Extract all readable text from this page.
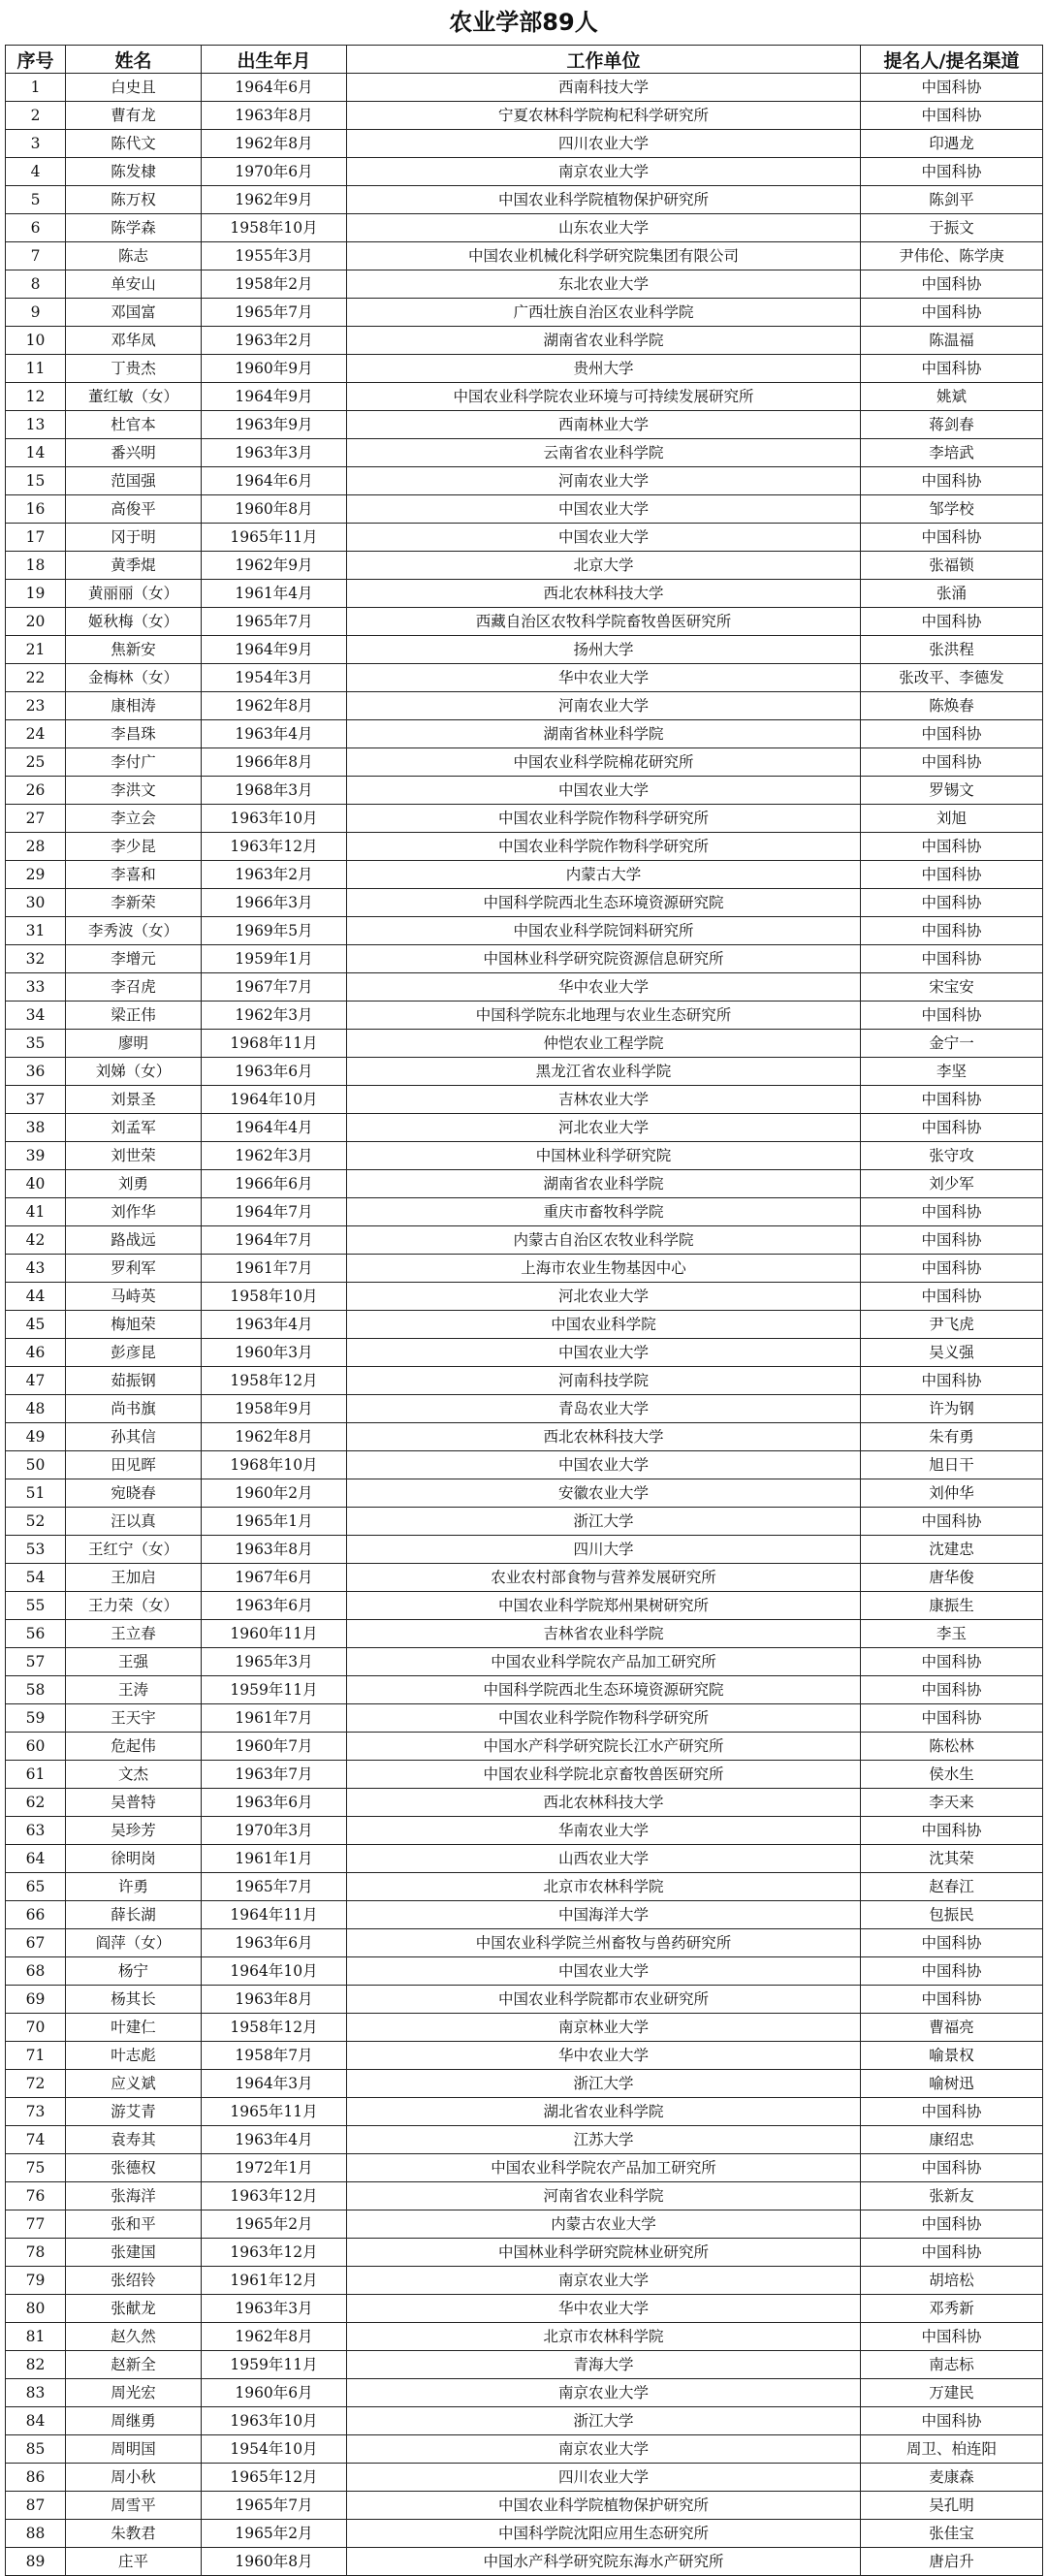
农业学部89人
序号	姓名	出生年月	工作单位	提名人/提名渠道
1	白史且	1964年6月	西南科技大学	中国科协
2	曹有龙	1963年8月	宁夏农林科学院枸杞科学研究所	中国科协
3	陈代文	1962年8月	四川农业大学	印遇龙
4	陈发棣	1970年6月	南京农业大学	中国科协
5	陈万权	1962年9月	中国农业科学院植物保护研究所	陈剑平
6	陈学森	1958年10月	山东农业大学	于振文
7	陈志	1955年3月	中国农业机械化科学研究院集团有限公司	尹伟伦、陈学庚
8	单安山	1958年2月	东北农业大学	中国科协
9	邓国富	1965年7月	广西壮族自治区农业科学院	中国科协
10	邓华凤	1963年2月	湖南省农业科学院	陈温福
11	丁贵杰	1960年9月	贵州大学	中国科协
12	董红敏（女）	1964年9月	中国农业科学院农业环境与可持续发展研究所	姚斌
13	杜官本	1963年9月	西南林业大学	蒋剑春
14	番兴明	1963年3月	云南省农业科学院	李培武
15	范国强	1964年6月	河南农业大学	中国科协
16	高俊平	1960年8月	中国农业大学	邹学校
17	冈于明	1965年11月	中国农业大学	中国科协
18	黄季焜	1962年9月	北京大学	张福锁
19	黄丽丽（女）	1961年4月	西北农林科技大学	张涌
20	姬秋梅（女）	1965年7月	西藏自治区农牧科学院畜牧兽医研究所	中国科协
21	焦新安	1964年9月	扬州大学	张洪程
22	金梅林（女）	1954年3月	华中农业大学	张改平、李德发
23	康相涛	1962年8月	河南农业大学	陈焕春
24	李昌珠	1963年4月	湖南省林业科学院	中国科协
25	李付广	1966年8月	中国农业科学院棉花研究所	中国科协
26	李洪文	1968年3月	中国农业大学	罗锡文
27	李立会	1963年10月	中国农业科学院作物科学研究所	刘旭
28	李少昆	1963年12月	中国农业科学院作物科学研究所	中国科协
29	李喜和	1963年2月	内蒙古大学	中国科协
30	李新荣	1966年3月	中国科学院西北生态环境资源研究院	中国科协
31	李秀波（女）	1969年5月	中国农业科学院饲料研究所	中国科协
32	李增元	1959年1月	中国林业科学研究院资源信息研究所	中国科协
33	李召虎	1967年7月	华中农业大学	宋宝安
34	梁正伟	1962年3月	中国科学院东北地理与农业生态研究所	中国科协
35	廖明	1968年11月	仲恺农业工程学院	金宁一
36	刘娣（女）	1963年6月	黑龙江省农业科学院	李坚
37	刘景圣	1964年10月	吉林农业大学	中国科协
38	刘孟军	1964年4月	河北农业大学	中国科协
39	刘世荣	1962年3月	中国林业科学研究院	张守攻
40	刘勇	1966年6月	湖南省农业科学院	刘少军
41	刘作华	1964年7月	重庆市畜牧科学院	中国科协
42	路战远	1964年7月	内蒙古自治区农牧业科学院	中国科协
43	罗利军	1961年7月	上海市农业生物基因中心	中国科协
44	马峙英	1958年10月	河北农业大学	中国科协
45	梅旭荣	1963年4月	中国农业科学院	尹飞虎
46	彭彦昆	1960年3月	中国农业大学	吴义强
47	茹振钢	1958年12月	河南科技学院	中国科协
48	尚书旗	1958年9月	青岛农业大学	许为钢
49	孙其信	1962年8月	西北农林科技大学	朱有勇
50	田见晖	1968年10月	中国农业大学	旭日干
51	宛晓春	1960年2月	安徽农业大学	刘仲华
52	汪以真	1965年1月	浙江大学	中国科协
53	王红宁（女）	1963年8月	四川大学	沈建忠
54	王加启	1967年6月	农业农村部食物与营养发展研究所	唐华俊
55	王力荣（女）	1963年6月	中国农业科学院郑州果树研究所	康振生
56	王立春	1960年11月	吉林省农业科学院	李玉
57	王强	1965年3月	中国农业科学院农产品加工研究所	中国科协
58	王涛	1959年11月	中国科学院西北生态环境资源研究院	中国科协
59	王天宇	1961年7月	中国农业科学院作物科学研究所	中国科协
60	危起伟	1960年7月	中国水产科学研究院长江水产研究所	陈松林
61	文杰	1963年7月	中国农业科学院北京畜牧兽医研究所	侯水生
62	吴普特	1963年6月	西北农林科技大学	李天来
63	吴珍芳	1970年3月	华南农业大学	中国科协
64	徐明岗	1961年1月	山西农业大学	沈其荣
65	许勇	1965年7月	北京市农林科学院	赵春江
66	薛长湖	1964年11月	中国海洋大学	包振民
67	阎萍（女）	1963年6月	中国农业科学院兰州畜牧与兽药研究所	中国科协
68	杨宁	1964年10月	中国农业大学	中国科协
69	杨其长	1963年8月	中国农业科学院都市农业研究所	中国科协
70	叶建仁	1958年12月	南京林业大学	曹福亮
71	叶志彪	1958年7月	华中农业大学	喻景权
72	应义斌	1964年3月	浙江大学	喻树迅
73	游艾青	1965年11月	湖北省农业科学院	中国科协
74	袁寿其	1963年4月	江苏大学	康绍忠
75	张德权	1972年1月	中国农业科学院农产品加工研究所	中国科协
76	张海洋	1963年12月	河南省农业科学院	张新友
77	张和平	1965年2月	内蒙古农业大学	中国科协
78	张建国	1963年12月	中国林业科学研究院林业研究所	中国科协
79	张绍铃	1961年12月	南京农业大学	胡培松
80	张献龙	1963年3月	华中农业大学	邓秀新
81	赵久然	1962年8月	北京市农林科学院	中国科协
82	赵新全	1959年11月	青海大学	南志标
83	周光宏	1960年6月	南京农业大学	万建民
84	周继勇	1963年10月	浙江大学	中国科协
85	周明国	1954年10月	南京农业大学	周卫、柏连阳
86	周小秋	1965年12月	四川农业大学	麦康森
87	周雪平	1965年7月	中国农业科学院植物保护研究所	吴孔明
88	朱教君	1965年2月	中国科学院沈阳应用生态研究所	张佳宝
89	庄平	1960年8月	中国水产科学研究院东海水产研究所	唐启升
